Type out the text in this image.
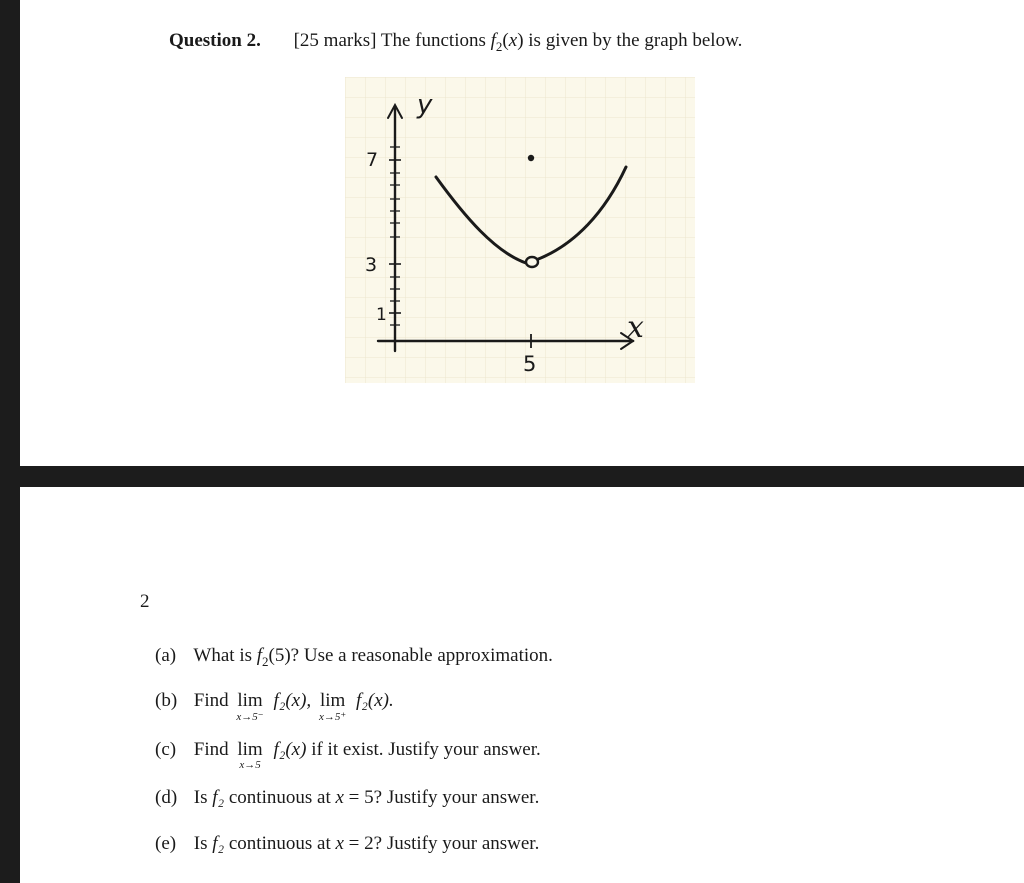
Question 2. [25 marks] The functions $f_2(x)$ is given by the graph below.
y
x
7
3
1
5
2
(a) What is $f_2(5)$? Use a reasonable approximation.
(b) Find lim
x→5⁻
f₂(x), lim
x→5⁺
f₂(x).
(c) Find lim
x→5
f₂(x) if it exist. Justify your answer.
(d) Is f₂ continuous at x = 5? Justify your answer.
(e) Is f₂ continuous at x = 2? Justify your answer.
